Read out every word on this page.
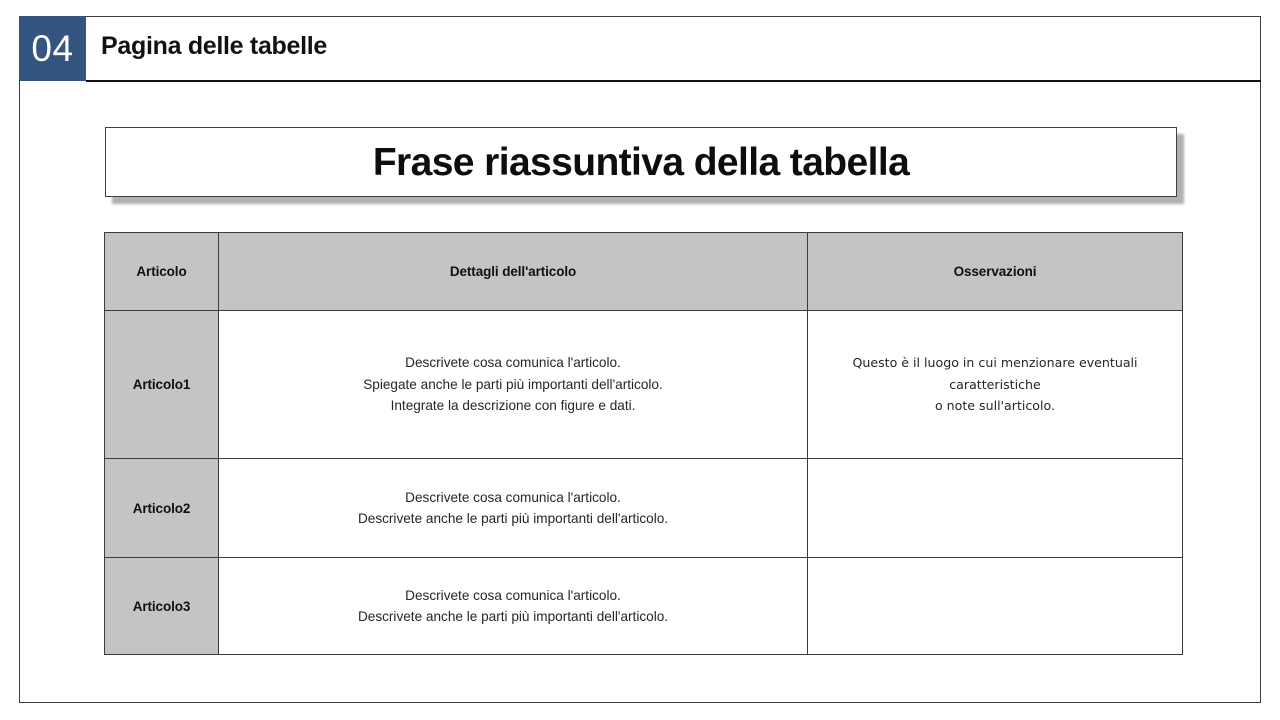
04 Pagina delle tabelle
Frase riassuntiva della tabella
Articolo	Dettagli dell'articolo	Osservazioni
Articolo1	Descrivete cosa comunica l'articolo.
Spiegate anche le parti più importanti dell'articolo.
Integrate la descrizione con figure e dati.	Questo è il luogo in cui menzionare eventuali caratteristiche
o note sull'articolo.

Articolo2	Descrivete cosa comunica l'articolo.
Descrivete anche le parti più importanti dell'articolo.	

Articolo3	Descrivete cosa comunica l'articolo.
Descrivete anche le parti più importanti dell'articolo.	
